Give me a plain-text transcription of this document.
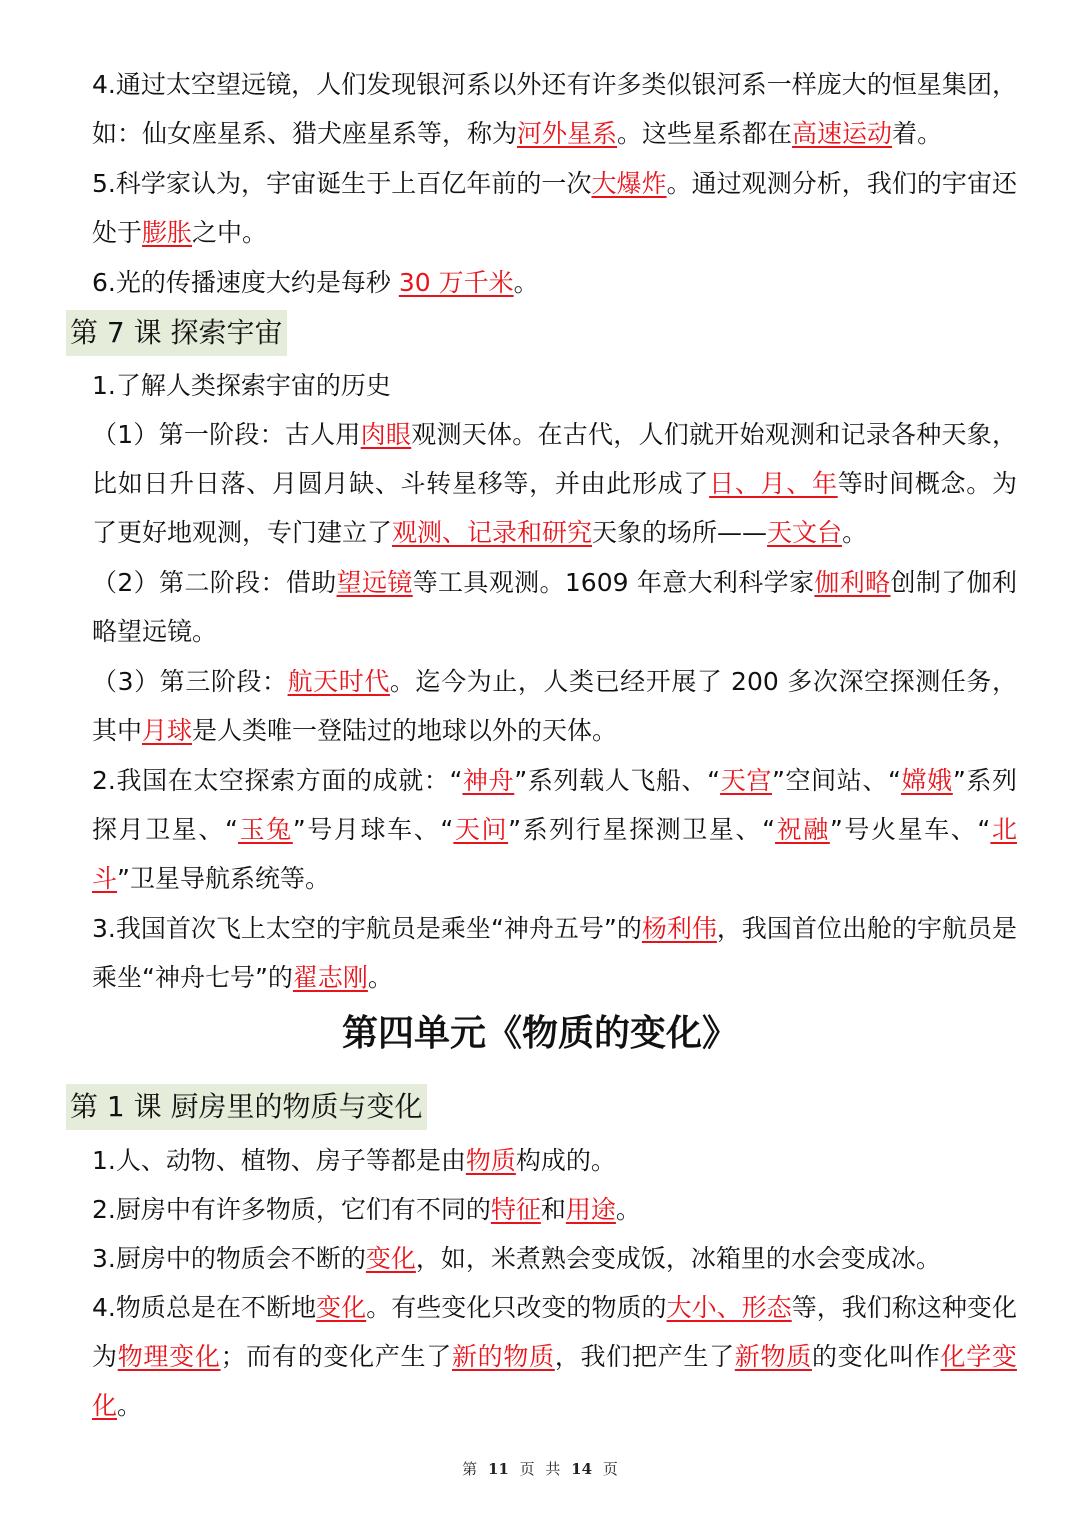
4.通过太空望远镜，人们发现银河系以外还有许多类似银河系一样庞大的恒星集团，如：仙女座星系、猎犬座星系等，称为河外星系。这些星系都在高速运动着。

5.科学家认为，宇宙诞生于上百亿年前的一次大爆炸。通过观测分析，我们的宇宙还处于膨胀之中。

6.光的传播速度大约是每秒 30 万千米。

第 7 课 探索宇宙

1.了解人类探索宇宙的历史

（1）第一阶段：古人用肉眼观测天体。在古代，人们就开始观测和记录各种天象，比如日升日落、月圆月缺、斗转星移等，并由此形成了日、月、年等时间概念。为了更好地观测，专门建立了观测、记录和研究天象的场所——天文台。

（2）第二阶段：借助望远镜等工具观测。1609 年意大利科学家伽利略创制了伽利略望远镜。

（3）第三阶段：航天时代。迄今为止，人类已经开展了 200 多次深空探测任务，其中月球是人类唯一登陆过的地球以外的天体。

2.我国在太空探索方面的成就：“神舟”系列载人飞船、“天宫”空间站、“嫦娥”系列探月卫星、“玉兔”号月球车、“天问”系列行星探测卫星、“祝融”号火星车、“北斗”卫星导航系统等。

3.我国首次飞上太空的宇航员是乘坐“神舟五号”的杨利伟，我国首位出舱的宇航员是乘坐“神舟七号”的翟志刚。

第四单元《物质的变化》
第 1 课 厨房里的物质与变化

1.人、动物、植物、房子等都是由物质构成的。

2.厨房中有许多物质，它们有不同的特征和用途。

3.厨房中的物质会不断的变化，如，米煮熟会变成饭，冰箱里的水会变成冰。

4.物质总是在不断地变化。有些变化只改变的物质的大小、形态等，我们称这种变化为物理变化；而有的变化产生了新的物质，我们把产生了新物质的变化叫作化学变化。

第 11 页 共 14 页
